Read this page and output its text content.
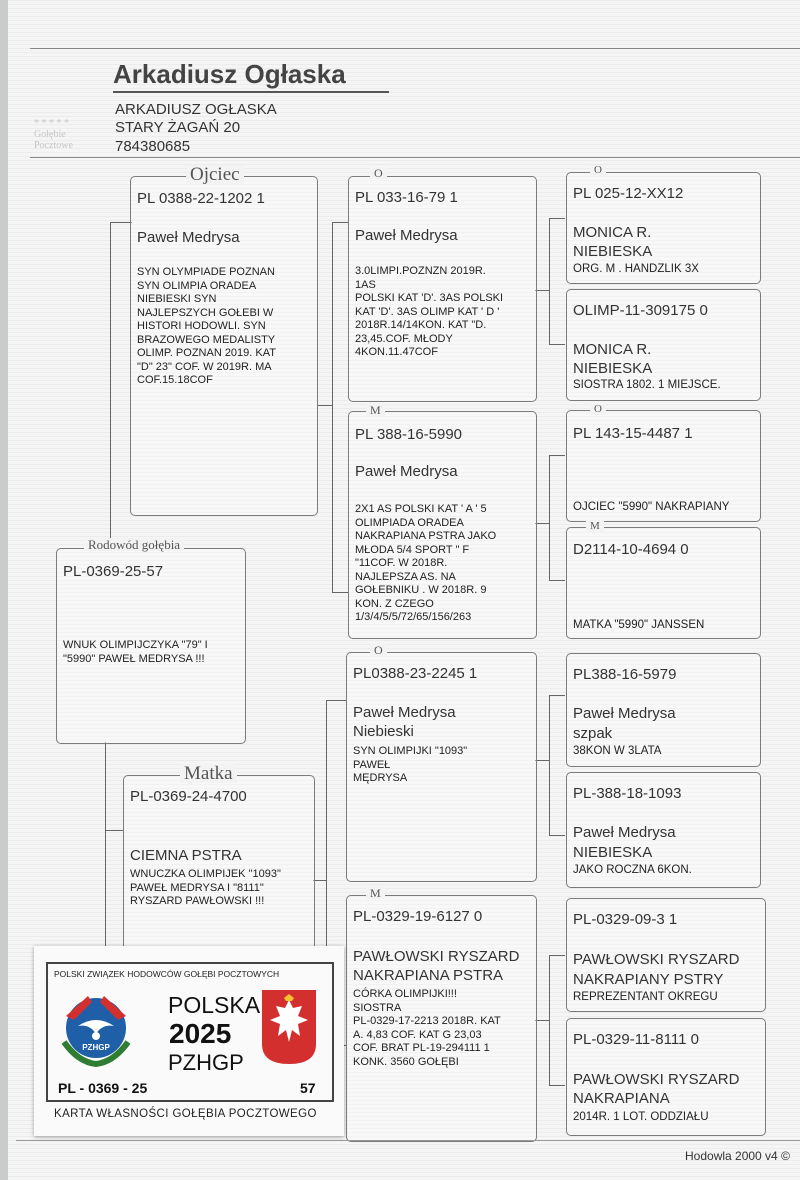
Arkadiusz Ogłaska
* * * * *
Gołębie
Pocztowe
ARKADIUSZ OGŁASKA
STARY ŻAGAŃ 20
784380685
PL-0369-25-57
WNUK OLIMPIJCZYKA "79" I
"5990" PAWEŁ MEDRYSA !!!
Rodowód gołębia
PL 0388-22-1202 1
Paweł Medrysa
SYN OLYMPIADE POZNAN
SYN OLIMPIA ORADEA
NIEBIESKI SYN
NAJLEPSZYCH GOŁEBI W
HISTORI HODOWLI. SYN
BRAZOWEGO MEDALISTY
OLIMP. POZNAN 2019. KAT
"D" 23" COF. W 2019R. MA
COF.15.18COF
Ojciec
PL-0369-24-4700
CIEMNA PSTRA
WNUCZKA OLIMPIJEK "1093"
PAWEŁ MEDRYSA I "8111"
RYSZARD PAWŁOWSKI !!!
Matka
PL 033-16-79 1
Paweł Medrysa
3.0LIMPI.POZNZN 2019R.
1AS
POLSKI KAT 'D'. 3AS POLSKI
KAT 'D'. 3AS OLIMP KAT ' D '
2018R.14/14KON. KAT "D.
23,45.COF. MŁODY
4KON.11.47COF
O
PL 388-16-5990
Paweł Medrysa
2X1 AS POLSKI KAT ' A ' 5
OLIMPIADA ORADEA
NAKRAPIANA PSTRA JAKO
MŁODA 5/4 SPORT " F
"11COF. W 2018R.
NAJLEPSZA AS. NA
GOŁEBNIKU . W 2018R. 9
KON. Z CZEGO
1/3/4/5/5/72/65/156/263
M
PL0388-23-2245 1
Paweł Medrysa
Niebieski
SYN OLIMPIJKI "1093"
PAWEŁ
MĘDRYSA
O
PL-0329-19-6127 0
PAWŁOWSKI RYSZARD
NAKRAPIANA PSTRA
CÓRKA OLIMPIJKI!!!
SIOSTRA
PL-0329-17-2213 2018R. KAT
A. 4,83 COF. KAT G 23,03
COF. BRAT PL-19-294111 1
KONK. 3560 GOŁĘBI
M
PL 025-12-XX12
MONICA R.
NIEBIESKA
ORG. M . HANDZLIK 3X
O
OLIMP-11-309175 0
MONICA R.
NIEBIESKA
SIOSTRA 1802. 1 MIEJSCE.
PL 143-15-4487 1
OJCIEC "5990" NAKRAPIANY
O
D2114-10-4694 0
MATKA "5990" JANSSEN
M
PL388-16-5979
Paweł Medrysa
szpak
38KON W 3LATA
PL-388-18-1093
Paweł Medrysa
NIEBIESKA
JAKO ROCZNA 6KON.
PL-0329-09-3 1
PAWŁOWSKI RYSZARD
NAKRAPIANY PSTRY
REPREZENTANT OKREGU
PL-0329-11-8111 0
PAWŁOWSKI RYSZARD
NAKRAPIANA
2014R. 1 LOT. ODDZIAŁU
Hodowla 2000 v4 ©
POLSKI ZWIĄZEK HODOWCÓW GOŁĘBI POCZTOWYCH
PZHGP
POLSKA
2025
PZHGP
PL - 0369 - 25	57
KARTA WŁASNOŚCI GOŁĘBIA POCZTOWEGO
